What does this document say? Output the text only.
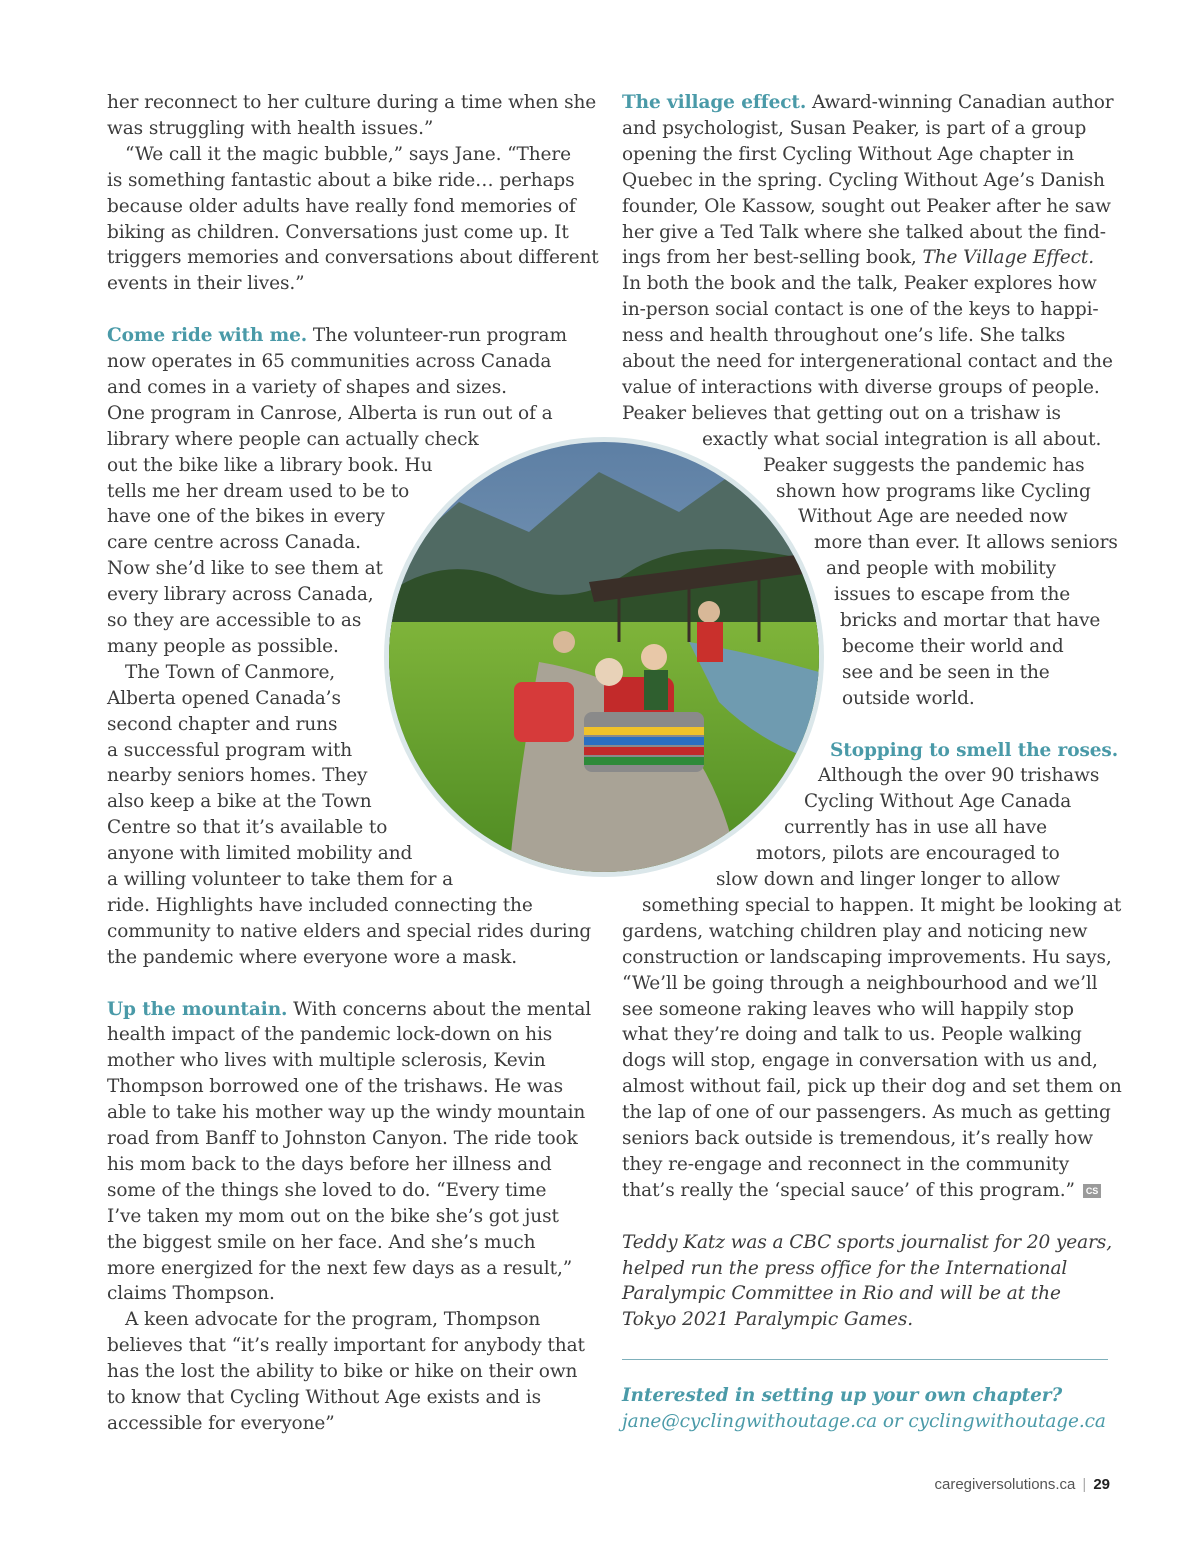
her reconnect to her culture during a time when she
was struggling with health issues.”
“We call it the magic bubble,” says Jane. “There
is something fantastic about a bike ride… perhaps
because older adults have really fond memories of
biking as children. Conversations just come up. It
triggers memories and conversations about different
events in their lives.”
Come ride with me. The volunteer-run program
now operates in 65 communities across Canada
and comes in a variety of shapes and sizes.
One program in Canrose, Alberta is run out of a
library where people can actually check
out the bike like a library book. Hu
tells me her dream used to be to
have one of the bikes in every
care centre across Canada.
Now she’d like to see them at
every library across Canada,
so they are accessible to as
many people as possible.
The Town of Canmore,
Alberta opened Canada’s
second chapter and runs
a successful program with
nearby seniors homes. They
also keep a bike at the Town
Centre so that it’s available to
anyone with limited mobility and
a willing volunteer to take them for a
ride. Highlights have included connecting the
community to native elders and special rides during
the pandemic where everyone wore a mask.
Up the mountain. With concerns about the mental
health impact of the pandemic lock-down on his
mother who lives with multiple sclerosis, Kevin
Thompson borrowed one of the trishaws. He was
able to take his mother way up the windy mountain
road from Banff to Johnston Canyon. The ride took
his mom back to the days before her illness and
some of the things she loved to do. “Every time
I’ve taken my mom out on the bike she’s got just
the biggest smile on her face. And she’s much
more energized for the next few days as a result,”
claims Thompson.
A keen advocate for the program, Thompson
believes that “it’s really important for anybody that
has the lost the ability to bike or hike on their own
to know that Cycling Without Age exists and is
accessible for everyone”
The village effect. Award-winning Canadian author
and psychologist, Susan Peaker, is part of a group
opening the first Cycling Without Age chapter in
Quebec in the spring. Cycling Without Age’s Danish
founder, Ole Kassow, sought out Peaker after he saw
her give a Ted Talk where she talked about the find-
ings from her best-selling book, The Village Effect.
In both the book and the talk, Peaker explores how
in-person social contact is one of the keys to happi-
ness and health throughout one’s life. She talks
about the need for intergenerational contact and the
value of interactions with diverse groups of people.
Peaker believes that getting out on a trishaw is
exactly what social integration is all about.
Peaker suggests the pandemic has
shown how programs like Cycling
Without Age are needed now
more than ever. It allows seniors
and people with mobility
issues to escape from the
bricks and mortar that have
become their world and
see and be seen in the
outside world.
Stopping to smell the roses.
Although the over 90 trishaws
Cycling Without Age Canada
currently has in use all have
motors, pilots are encouraged to
slow down and linger longer to allow
something special to happen. It might be looking at
gardens, watching children play and noticing new
construction or landscaping improvements. Hu says,
“We’ll be going through a neighbourhood and we’ll
see someone raking leaves who will happily stop
what they’re doing and talk to us. People walking
dogs will stop, engage in conversation with us and,
almost without fail, pick up their dog and set them on
the lap of one of our passengers. As much as getting
seniors back outside is tremendous, it’s really how
they re-engage and reconnect in the community
that’s really the ‘special sauce’ of this program.” CS
Teddy Katz was a CBC sports journalist for 20 years,
helped run the press office for the International
Paralympic Committee in Rio and will be at the
Tokyo 2021 Paralympic Games.
Interested in setting up your own chapter?
jane@cyclingwithoutage.ca or cyclingwithoutage.ca
caregiversolutions.ca | 29
